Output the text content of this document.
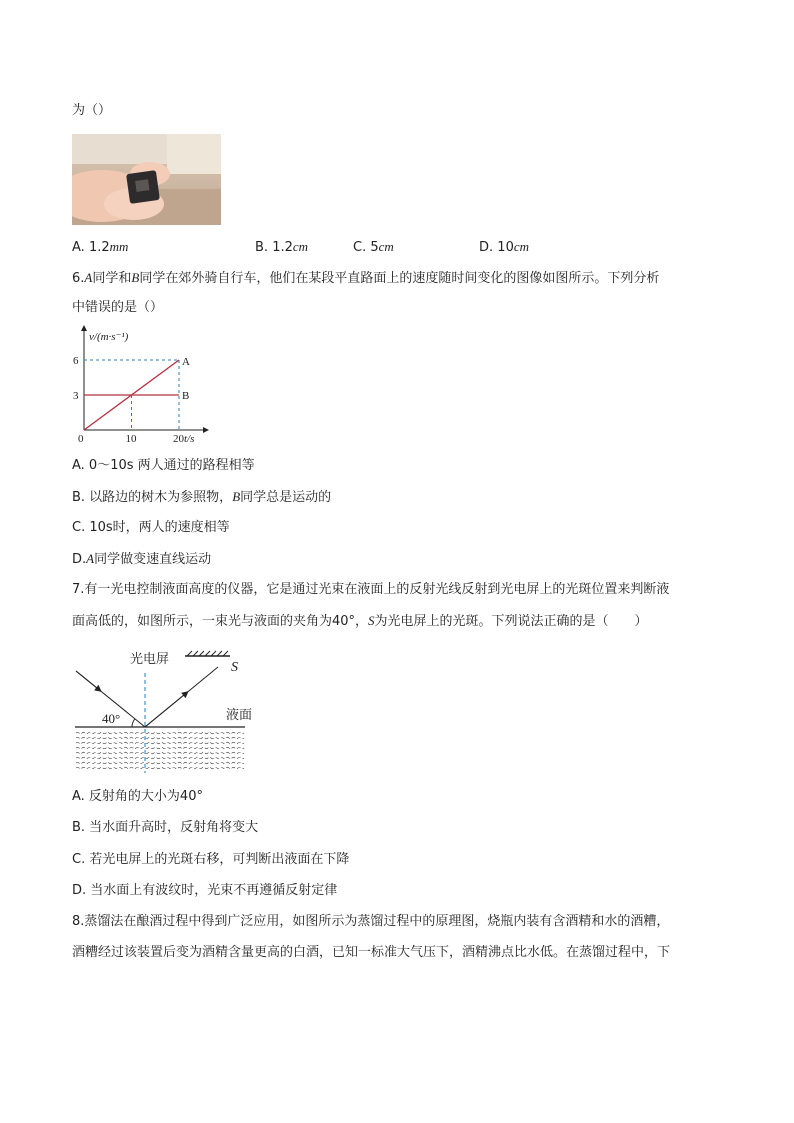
为（）
A. 1.2mm	B. 1.2cm	C. 5cm	D. 10cm
6.A同学和B同学在郊外骑自行车，他们在某段平直路面上的速度随时间变化的图像如图所示。下列分析
中错误的是（）
v/(m·s⁻¹)
t/s
0
6
3
10	20
A
B
A. 0～10s 两人通过的路程相等
B. 以路边的树木为参照物，B同学总是运动的
C. 10s时，两人的速度相等
D.A同学做变速直线运动
7.有一光电控制液面高度的仪器，它是通过光束在液面上的反射光线反射到光电屏上的光斑位置来判断液
面高低的，如图所示，一束光与液面的夹角为40°，S为光电屏上的光斑。下列说法正确的是（　　）
光电屏
S
40°	液面
A. 反射角的大小为40°
B. 当水面升高时，反射角将变大
C. 若光电屏上的光斑右移，可判断出液面在下降
D. 当水面上有波纹时，光束不再遵循反射定律
8.蒸馏法在酿酒过程中得到广泛应用，如图所示为蒸馏过程中的原理图，烧瓶内装有含酒精和水的酒糟，
酒糟经过该装置后变为酒精含量更高的白酒，已知一标准大气压下，酒精沸点比水低。在蒸馏过程中，下
